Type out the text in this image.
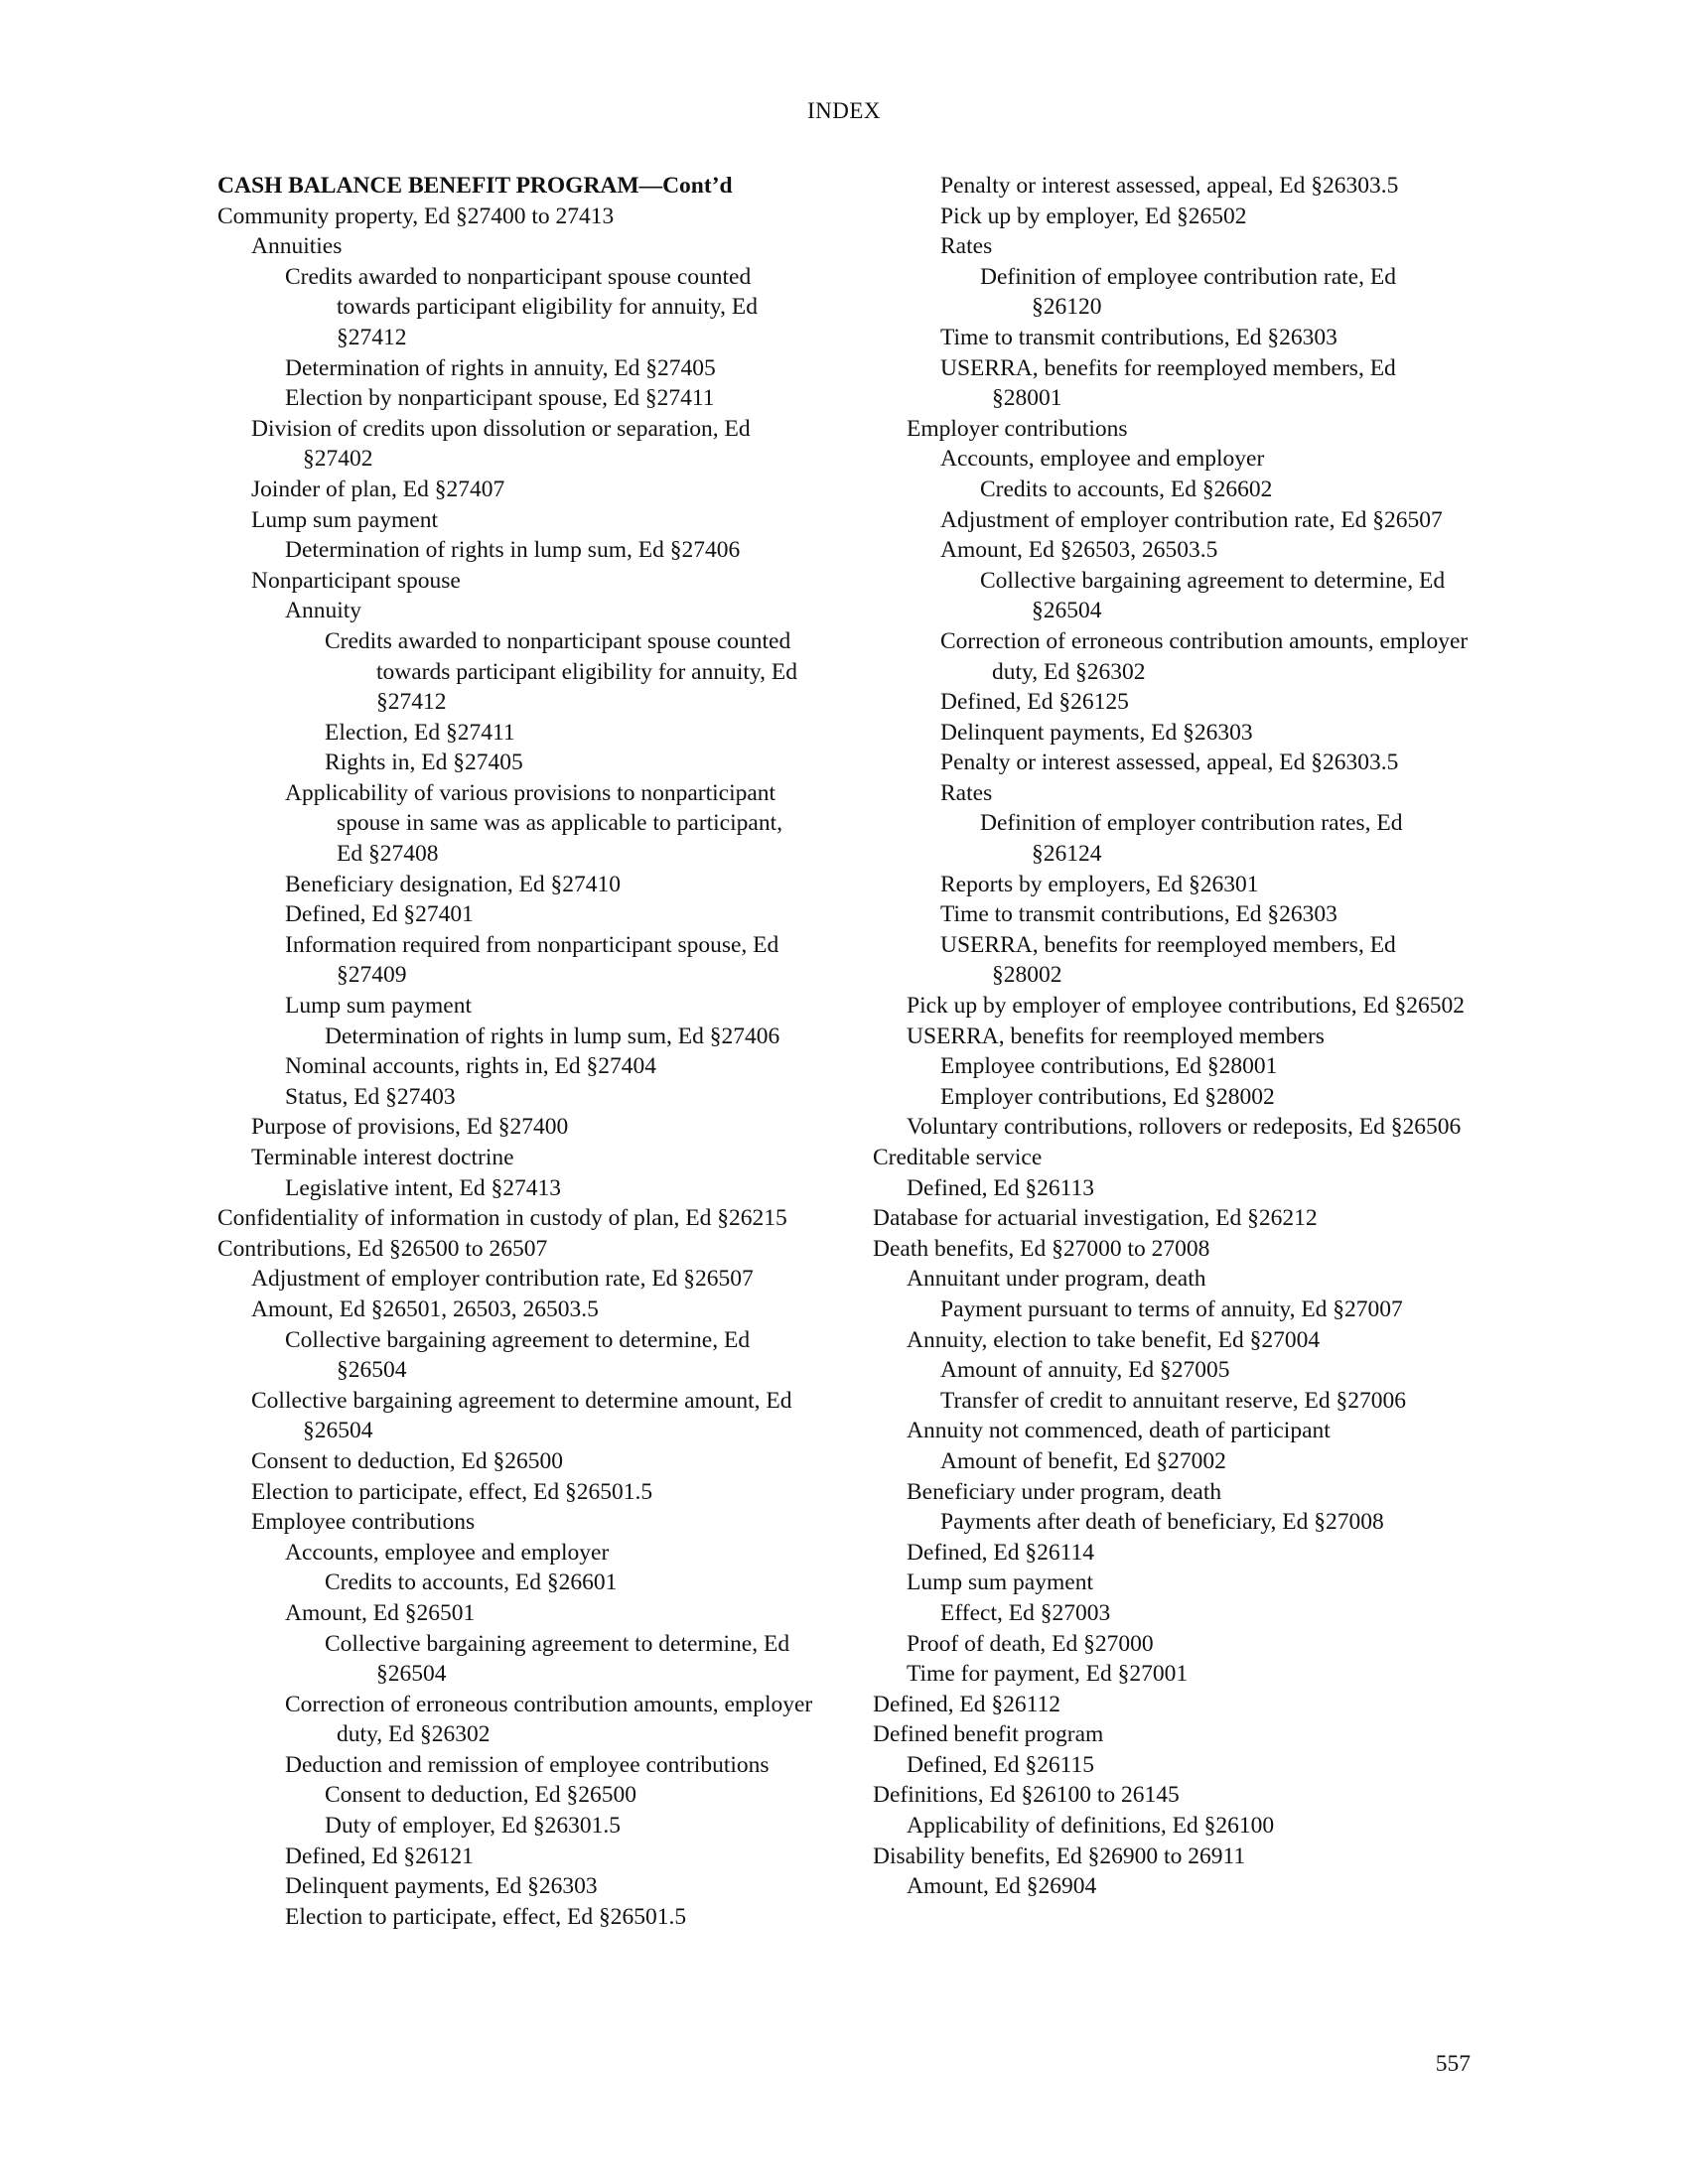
INDEX
CASH BALANCE BENEFIT PROGRAM—Cont’d
Community property, Ed §27400 to 27413
Annuities
Credits awarded to nonparticipant spouse counted towards participant eligibility for annuity, Ed §27412
Determination of rights in annuity, Ed §27405
Election by nonparticipant spouse, Ed §27411
Division of credits upon dissolution or separation, Ed §27402
Joinder of plan, Ed §27407
Lump sum payment
Determination of rights in lump sum, Ed §27406
Nonparticipant spouse
Annuity
Credits awarded to nonparticipant spouse counted towards participant eligibility for annuity, Ed §27412
Election, Ed §27411
Rights in, Ed §27405
Applicability of various provisions to nonparticipant spouse in same was as applicable to participant, Ed §27408
Beneficiary designation, Ed §27410
Defined, Ed §27401
Information required from nonparticipant spouse, Ed §27409
Lump sum payment
Determination of rights in lump sum, Ed §27406
Nominal accounts, rights in, Ed §27404
Status, Ed §27403
Purpose of provisions, Ed §27400
Terminable interest doctrine
Legislative intent, Ed §27413
Confidentiality of information in custody of plan, Ed §26215
Contributions, Ed §26500 to 26507
Adjustment of employer contribution rate, Ed §26507
Amount, Ed §26501, 26503, 26503.5
Collective bargaining agreement to determine, Ed §26504
Collective bargaining agreement to determine amount, Ed §26504
Consent to deduction, Ed §26500
Election to participate, effect, Ed §26501.5
Employee contributions
Accounts, employee and employer
Credits to accounts, Ed §26601
Amount, Ed §26501
Collective bargaining agreement to determine, Ed §26504
Correction of erroneous contribution amounts, employer duty, Ed §26302
Deduction and remission of employee contributions
Consent to deduction, Ed §26500
Duty of employer, Ed §26301.5
Defined, Ed §26121
Delinquent payments, Ed §26303
Election to participate, effect, Ed §26501.5
Penalty or interest assessed, appeal, Ed §26303.5
Pick up by employer, Ed §26502
Rates
Definition of employee contribution rate, Ed §26120
Time to transmit contributions, Ed §26303
USERRA, benefits for reemployed members, Ed §28001
Employer contributions
Accounts, employee and employer
Credits to accounts, Ed §26602
Adjustment of employer contribution rate, Ed §26507
Amount, Ed §26503, 26503.5
Collective bargaining agreement to determine, Ed §26504
Correction of erroneous contribution amounts, employer duty, Ed §26302
Defined, Ed §26125
Delinquent payments, Ed §26303
Penalty or interest assessed, appeal, Ed §26303.5
Rates
Definition of employer contribution rates, Ed §26124
Reports by employers, Ed §26301
Time to transmit contributions, Ed §26303
USERRA, benefits for reemployed members, Ed §28002
Pick up by employer of employee contributions, Ed §26502
USERRA, benefits for reemployed members
Employee contributions, Ed §28001
Employer contributions, Ed §28002
Voluntary contributions, rollovers or redeposits, Ed §26506
Creditable service
Defined, Ed §26113
Database for actuarial investigation, Ed §26212
Death benefits, Ed §27000 to 27008
Annuitant under program, death
Payment pursuant to terms of annuity, Ed §27007
Annuity, election to take benefit, Ed §27004
Amount of annuity, Ed §27005
Transfer of credit to annuitant reserve, Ed §27006
Annuity not commenced, death of participant
Amount of benefit, Ed §27002
Beneficiary under program, death
Payments after death of beneficiary, Ed §27008
Defined, Ed §26114
Lump sum payment
Effect, Ed §27003
Proof of death, Ed §27000
Time for payment, Ed §27001
Defined, Ed §26112
Defined benefit program
Defined, Ed §26115
Definitions, Ed §26100 to 26145
Applicability of definitions, Ed §26100
Disability benefits, Ed §26900 to 26911
Amount, Ed §26904
557
